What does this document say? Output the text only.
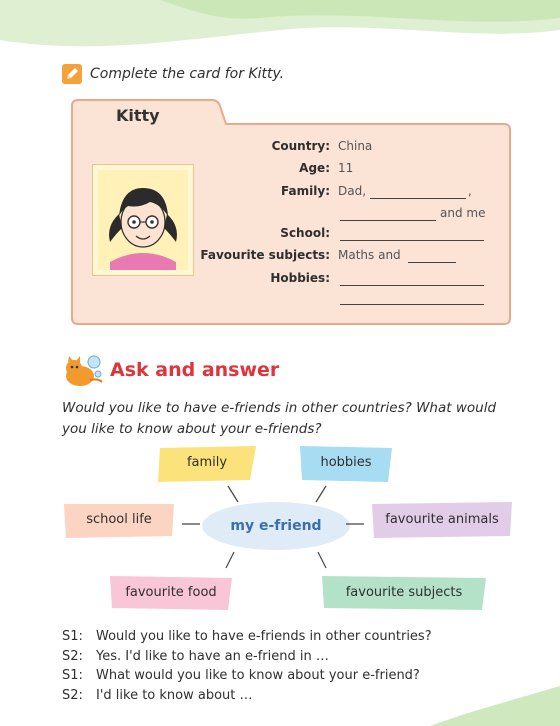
Complete the card for Kitty.
Kitty
Country: China
Age: 11
Family: Dad,	,
and me
School:
Favourite subjects: Maths and
Hobbies:
Ask and answer
Would you like to have e-friends in other countries? What would you like to know about your e-friends?
my e-friend
family	hobbies
school life	favourite animals
favourite food	favourite subjects
S1:	Would you like to have e-friends in other countries?
S2:	Yes. I'd like to have an e-friend in …
S1:	What would you like to know about your e-friend?
S2:	I'd like to know about …
